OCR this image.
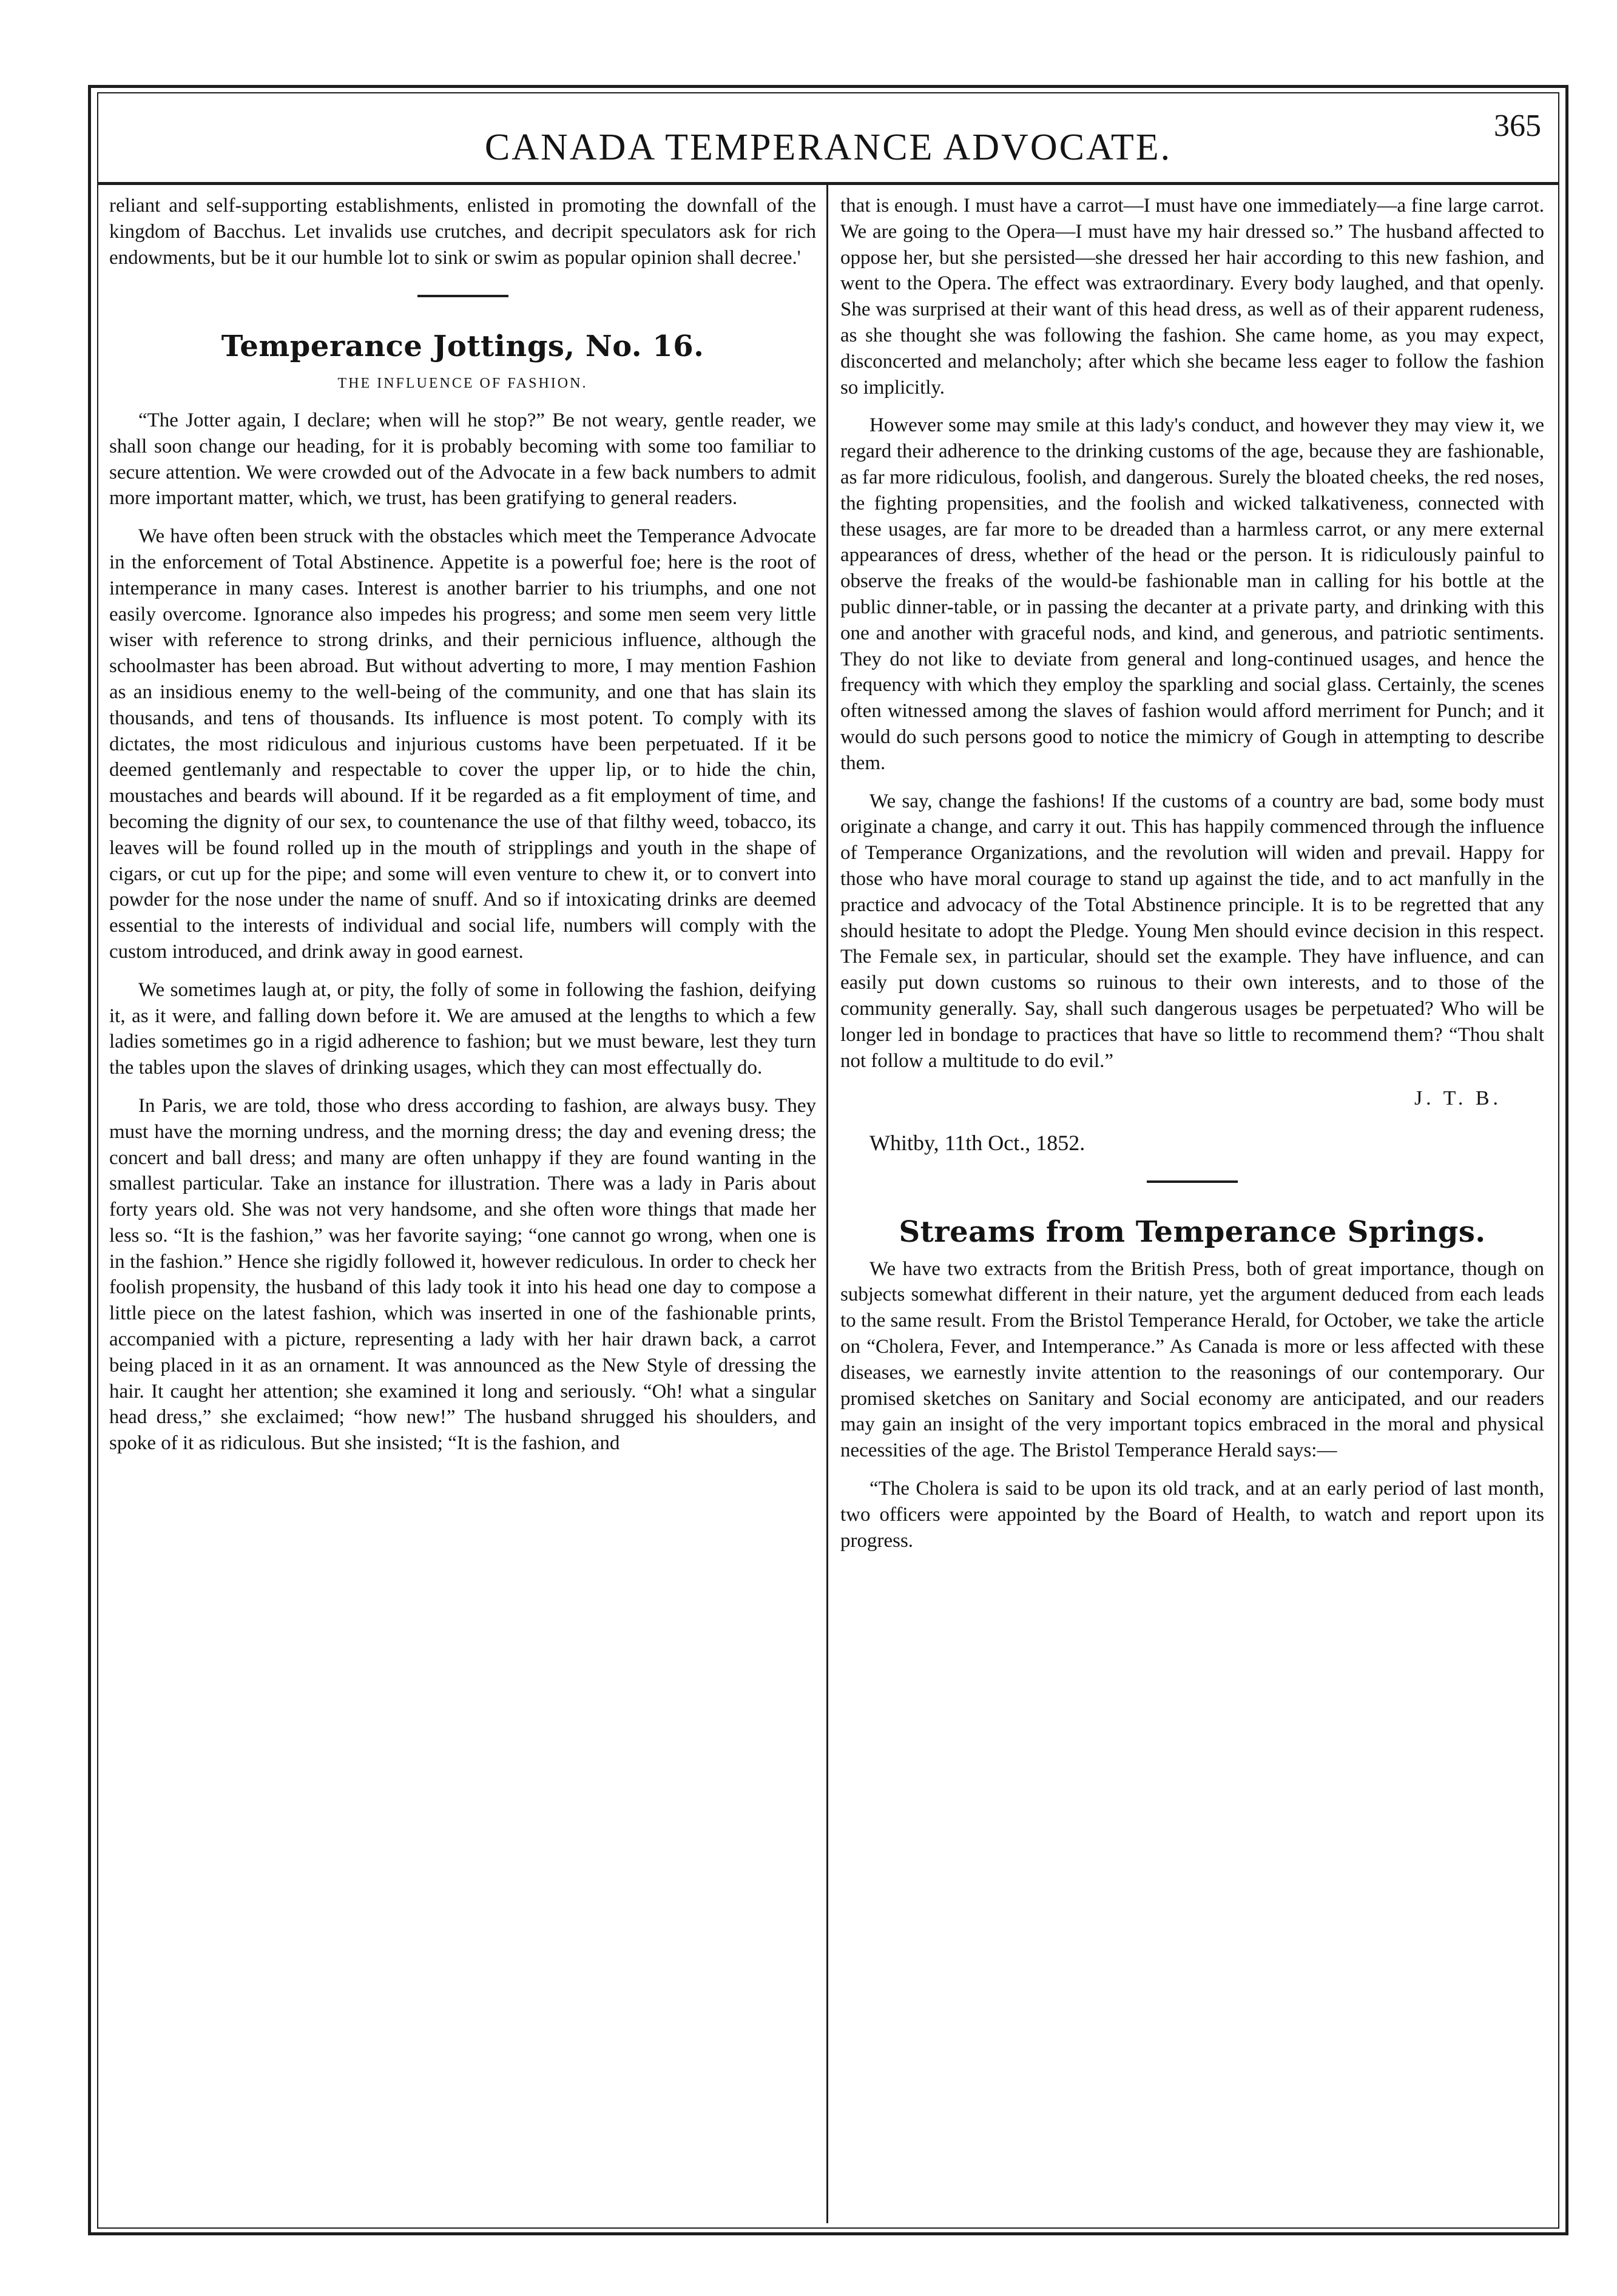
CANADA TEMPERANCE ADVOCATE.
365

reliant and self-supporting establishments, enlisted in promoting the downfall of the kingdom of Bacchus. Let invalids use crutches, and decripit speculators ask for rich endowments, but be it our humble lot to sink or swim as popular opinion shall decree.'

Temperance Jottings, No. 16.
THE INFLUENCE OF FASHION.

“The Jotter again, I declare; when will he stop?” Be not weary, gentle reader, we shall soon change our heading, for it is probably becoming with some too familiar to secure attention. We were crowded out of the Advocate in a few back numbers to admit more important matter, which, we trust, has been gratifying to general readers.

We have often been struck with the obstacles which meet the Temperance Advocate in the enforcement of Total Abstinence. Appetite is a powerful foe; here is the root of intemperance in many cases. Interest is another barrier to his triumphs, and one not easily overcome. Ignorance also impedes his progress; and some men seem very little wiser with reference to strong drinks, and their pernicious influence, although the schoolmaster has been abroad. But without adverting to more, I may mention Fashion as an insidious enemy to the well-being of the community, and one that has slain its thousands, and tens of thousands. Its influence is most potent. To comply with its dictates, the most ridiculous and injurious customs have been perpetuated. If it be deemed gentlemanly and respectable to cover the upper lip, or to hide the chin, moustaches and beards will abound. If it be regarded as a fit employment of time, and becoming the dignity of our sex, to countenance the use of that filthy weed, tobacco, its leaves will be found rolled up in the mouth of stripplings and youth in the shape of cigars, or cut up for the pipe; and some will even venture to chew it, or to convert into powder for the nose under the name of snuff. And so if intoxicating drinks are deemed essential to the interests of individual and social life, numbers will comply with the custom introduced, and drink away in good earnest.

We sometimes laugh at, or pity, the folly of some in following the fashion, deifying it, as it were, and falling down before it. We are amused at the lengths to which a few ladies sometimes go in a rigid adherence to fashion; but we must beware, lest they turn the tables upon the slaves of drinking usages, which they can most effectually do.

In Paris, we are told, those who dress according to fashion, are always busy. They must have the morning undress, and the morning dress; the day and evening dress; the concert and ball dress; and many are often unhappy if they are found wanting in the smallest particular. Take an instance for illustration. There was a lady in Paris about forty years old. She was not very handsome, and she often wore things that made her less so. “It is the fashion,” was her favorite saying; “one cannot go wrong, when one is in the fashion.” Hence she rigidly followed it, however rediculous. In order to check her foolish propensity, the husband of this lady took it into his head one day to compose a little piece on the latest fashion, which was inserted in one of the fashionable prints, accompanied with a picture, representing a lady with her hair drawn back, a carrot being placed in it as an ornament. It was announced as the New Style of dressing the hair. It caught her attention; she examined it long and seriously. “Oh! what a singular head dress,” she exclaimed; “how new!” The husband shrugged his shoulders, and spoke of it as ridiculous. But she insisted; “It is the fashion, and

that is enough. I must have a carrot—I must have one immediately—a fine large carrot. We are going to the Opera—I must have my hair dressed so.” The husband affected to oppose her, but she persisted—she dressed her hair according to this new fashion, and went to the Opera. The effect was extraordinary. Every body laughed, and that openly. She was surprised at their want of this head dress, as well as of their apparent rudeness, as she thought she was following the fashion. She came home, as you may expect, disconcerted and melancholy; after which she became less eager to follow the fashion so implicitly.

However some may smile at this lady's conduct, and however they may view it, we regard their adherence to the drinking customs of the age, because they are fashionable, as far more ridiculous, foolish, and dangerous. Surely the bloated cheeks, the red noses, the fighting propensities, and the foolish and wicked talkativeness, connected with these usages, are far more to be dreaded than a harmless carrot, or any mere external appearances of dress, whether of the head or the person. It is ridiculously painful to observe the freaks of the would-be fashionable man in calling for his bottle at the public dinner-table, or in passing the decanter at a private party, and drinking with this one and another with graceful nods, and kind, and generous, and patriotic sentiments. They do not like to deviate from general and long-continued usages, and hence the frequency with which they employ the sparkling and social glass. Certainly, the scenes often witnessed among the slaves of fashion would afford merriment for Punch; and it would do such persons good to notice the mimicry of Gough in attempting to describe them.

We say, change the fashions! If the customs of a country are bad, some body must originate a change, and carry it out. This has happily commenced through the influence of Temperance Organizations, and the revolution will widen and prevail. Happy for those who have moral courage to stand up against the tide, and to act manfully in the practice and advocacy of the Total Abstinence principle. It is to be regretted that any should hesitate to adopt the Pledge. Young Men should evince decision in this respect. The Female sex, in particular, should set the example. They have influence, and can easily put down customs so ruinous to their own interests, and to those of the community generally. Say, shall such dangerous usages be perpetuated? Who will be longer led in bondage to practices that have so little to recommend them? “Thou shalt not follow a multitude to do evil.”

J. T. B.
Whitby, 11th Oct., 1852.
Streams from Temperance Springs.

We have two extracts from the British Press, both of great importance, though on subjects somewhat different in their nature, yet the argument deduced from each leads to the same result. From the Bristol Temperance Herald, for October, we take the article on “Cholera, Fever, and Intemperance.” As Canada is more or less affected with these diseases, we earnestly invite attention to the reasonings of our contemporary. Our promised sketches on Sanitary and Social economy are anticipated, and our readers may gain an insight of the very important topics embraced in the moral and physical necessities of the age. The Bristol Temperance Herald says:—

“The Cholera is said to be upon its old track, and at an early period of last month, two officers were appointed by the Board of Health, to watch and report upon its progress.
